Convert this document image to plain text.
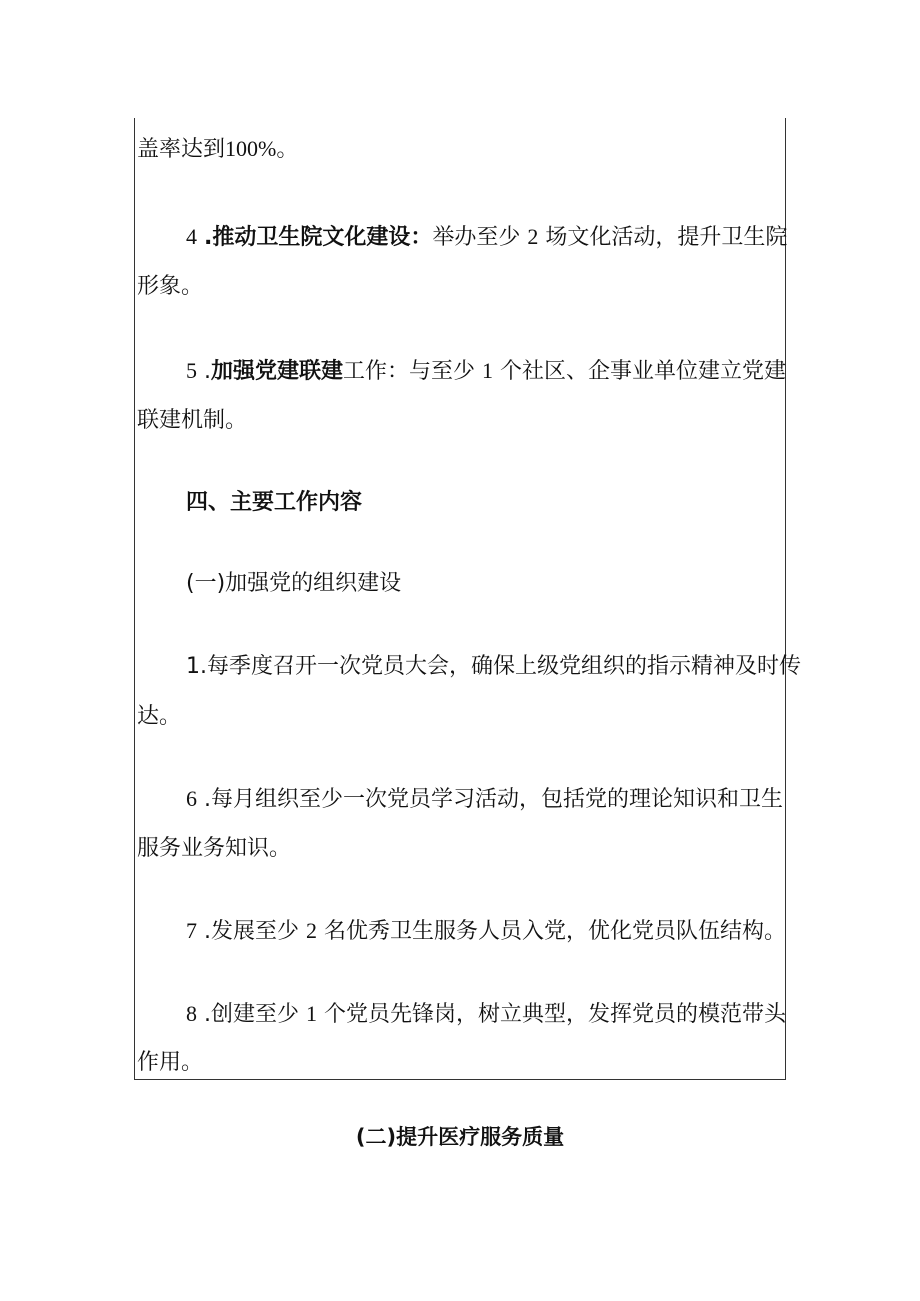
盖率达到100%。
4 .推动卫生院文化建设：举办至少 2 场文化活动，提升卫生院
形象。
5 .加强党建联建工作：与至少 1 个社区、企事业单位建立党建
联建机制。
四、主要工作内容
(一)加强党的组织建设
1.每季度召开一次党员大会，确保上级党组织的指示精神及时传
达。
6 .每月组织至少一次党员学习活动，包括党的理论知识和卫生
服务业务知识。
7 .发展至少 2 名优秀卫生服务人员入党，优化党员队伍结构。
8 .创建至少 1 个党员先锋岗，树立典型，发挥党员的模范带头
作用。
(二)提升医疗服务质量
